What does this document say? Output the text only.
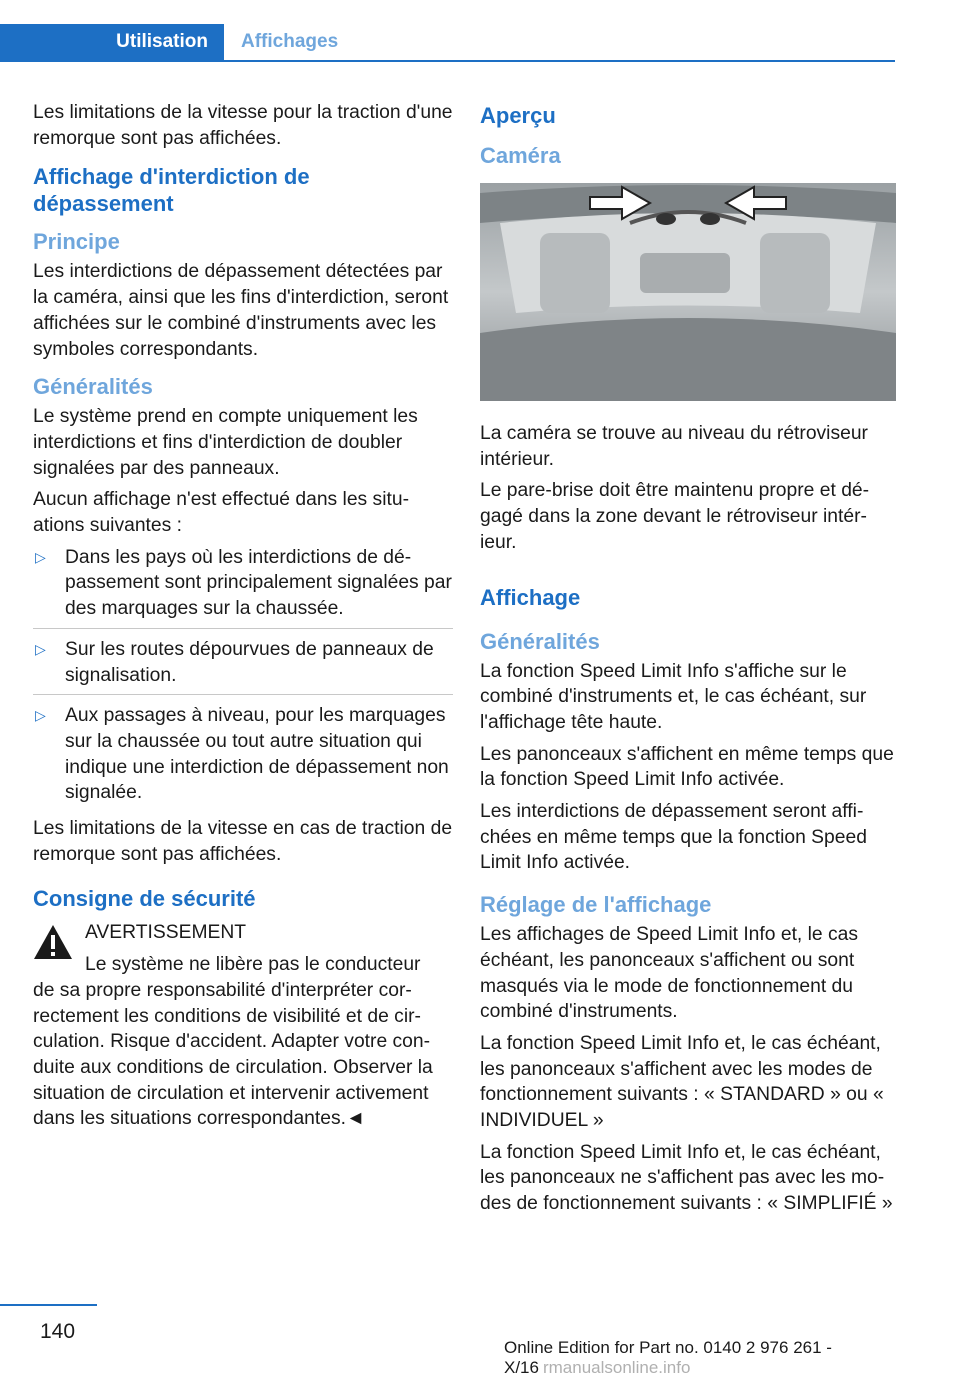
Utilisation Affichages

Les limitations de la vitesse pour la traction d'une remorque sont pas affichées.

Affichage d'interdiction de dépassement
Principe

Les interdictions de dépassement détectées par la caméra, ainsi que les fins d'interdiction, seront affichées sur le combiné d'instruments avec les symboles correspondants.

Généralités

Le système prend en compte uniquement les interdictions et fins d'interdiction de doubler signalées par des panneaux.

Aucun affichage n'est effectué dans les situations suivantes :

▷ Dans les pays où les interdictions de dépassement sont principalement signalées par des marquages sur la chaussée.
▷ Sur les routes dépourvues de panneaux de signalisation.
▷ Aux passages à niveau, pour les marquages sur la chaussée ou tout autre situation qui indique une interdiction de dépassement non signalée.

Les limitations de la vitesse en cas de traction de remorque sont pas affichées.

Consigne de sécurité

AVERTISSEMENT

Le système ne libère pas le conducteur

de sa propre responsabilité d'interpréter correctement les conditions de visibilité et de circulation. Risque d'accident. Adapter votre conduite aux conditions de circulation. Observer la situation de circulation et intervenir activement dans les situations correspondantes.◄

Aperçu
Caméra

La caméra se trouve au niveau du rétroviseur intérieur.

Le pare-brise doit être maintenu propre et dégagé dans la zone devant le rétroviseur intérieur.

Affichage
Généralités

La fonction Speed Limit Info s'affiche sur le combiné d'instruments et, le cas échéant, sur l'affichage tête haute.

Les panonceaux s'affichent en même temps que la fonction Speed Limit Info activée.

Les interdictions de dépassement seront affichées en même temps que la fonction Speed Limit Info activée.

Réglage de l'affichage

Les affichages de Speed Limit Info et, le cas échéant, les panonceaux s'affichent ou sont masqués via le mode de fonctionnement du combiné d'instruments.

La fonction Speed Limit Info et, le cas échéant, les panonceaux s'affichent avec les modes de fonctionnement suivants : « STANDARD » ou « INDIVIDUEL »

La fonction Speed Limit Info et, le cas échéant, les panonceaux ne s'affichent pas avec les modes de fonctionnement suivants : « SIMPLIFIÉ »

140
Online Edition for Part no. 0140 2 976 261 - X/16 rmanualsonline.info
